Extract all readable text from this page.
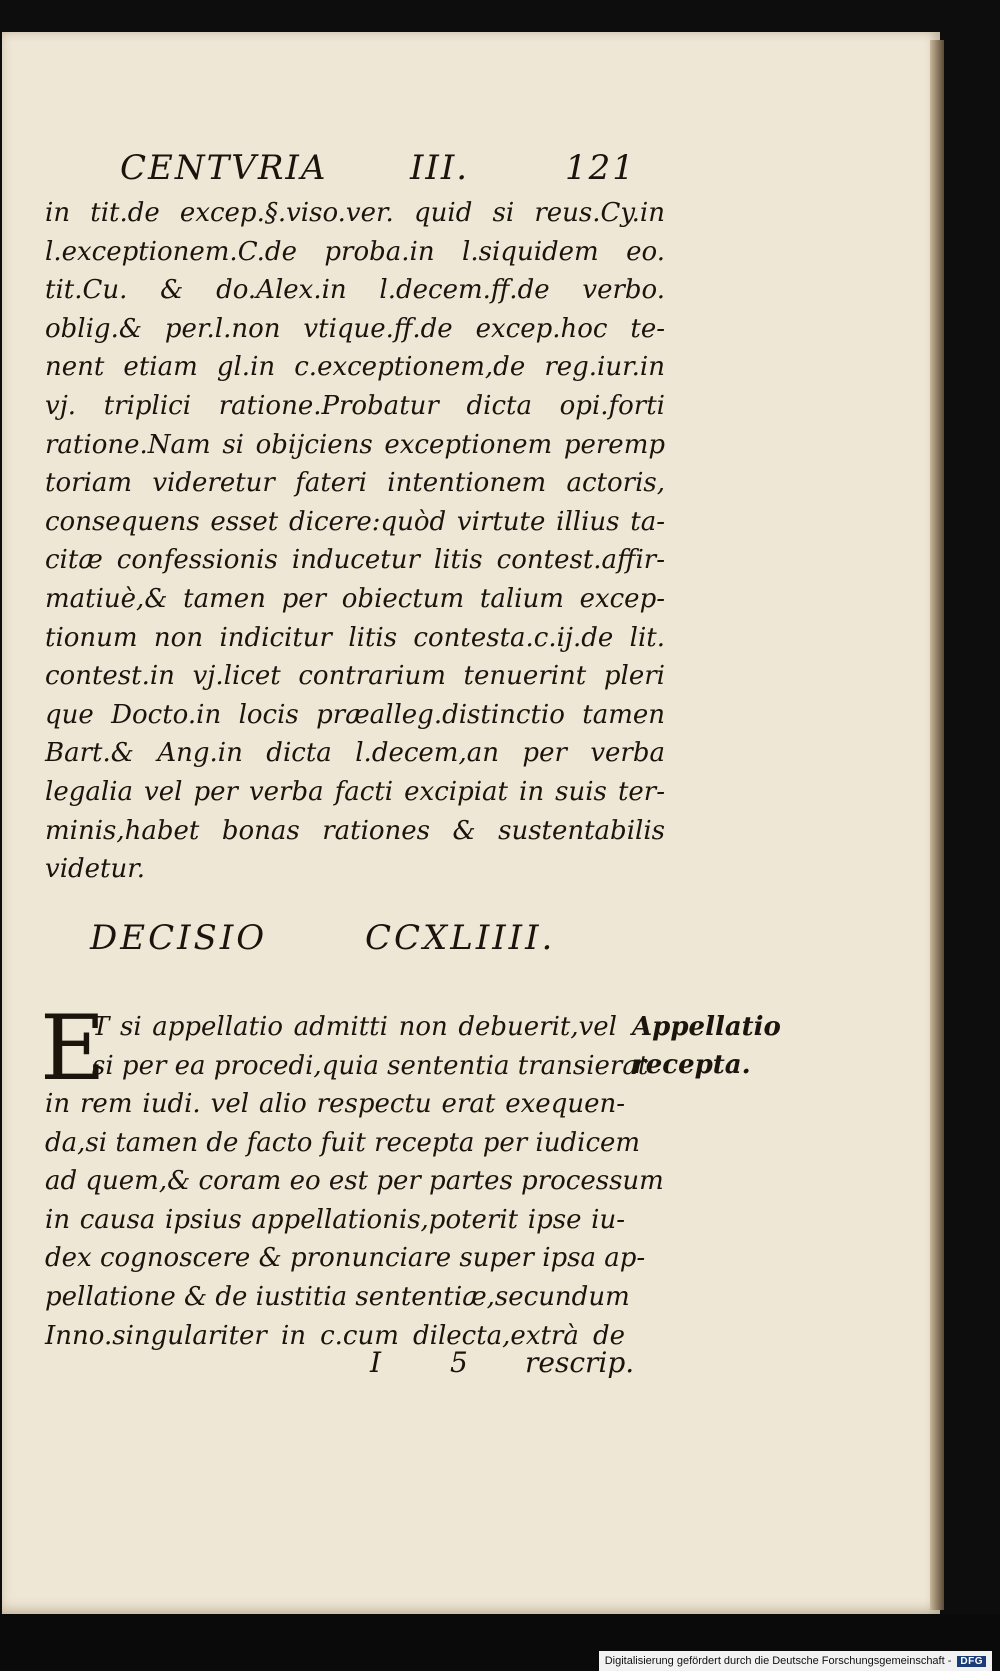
CENTVRIA III.	121
in tit.de excep.§.viso.ver. quid si reus.Cy.in
l.exceptionem.C.de proba.in l.siquidem eo.
tit.Cu. & do.Alex.in l.decem.ff.de verbo.
oblig.& per.l.non vtique.ff.de excep.hoc te-
nent etiam gl.in c.exceptionem,de reg.iur.in
vj. triplici ratione.Probatur dicta opi.forti
ratione.Nam si obijciens exceptionem peremp
toriam videretur fateri intentionem actoris,
consequens esset dicere:quòd virtute illius ta-
citæ confessionis inducetur litis contest.affir-
matiuè,& tamen per obiectum talium excep-
tionum non indicitur litis contesta.c.ij.de lit.
contest.in vj.licet contrarium tenuerint pleri
que Docto.in locis præalleg.distinctio tamen
Bart.& Ang.in dicta l.decem,an per verba
legalia vel per verba facti excipiat in suis ter-
minis,habet bonas rationes & sustentabilis
videtur.
DECISIO	CCXLIIII.
E
T si appellatio admitti non debuerit,vel
si per ea procedi,quia sententia transierat
in rem iudi. vel alio respectu erat exequen-
da,si tamen de facto fuit recepta per iudicem
ad quem,& coram eo est per partes processum
in causa ipsius appellationis,poterit ipse iu-
dex cognoscere & pronunciare super ipsa ap-
pellatione & de iustitia sententiæ,secundum
Inno.singulariter in c.cum dilecta,extrà de
Appellatio
recepta.
I 5 rescrip.
Digitalisierung gefördert durch die Deutsche Forschungsgemeinschaft - DFG
